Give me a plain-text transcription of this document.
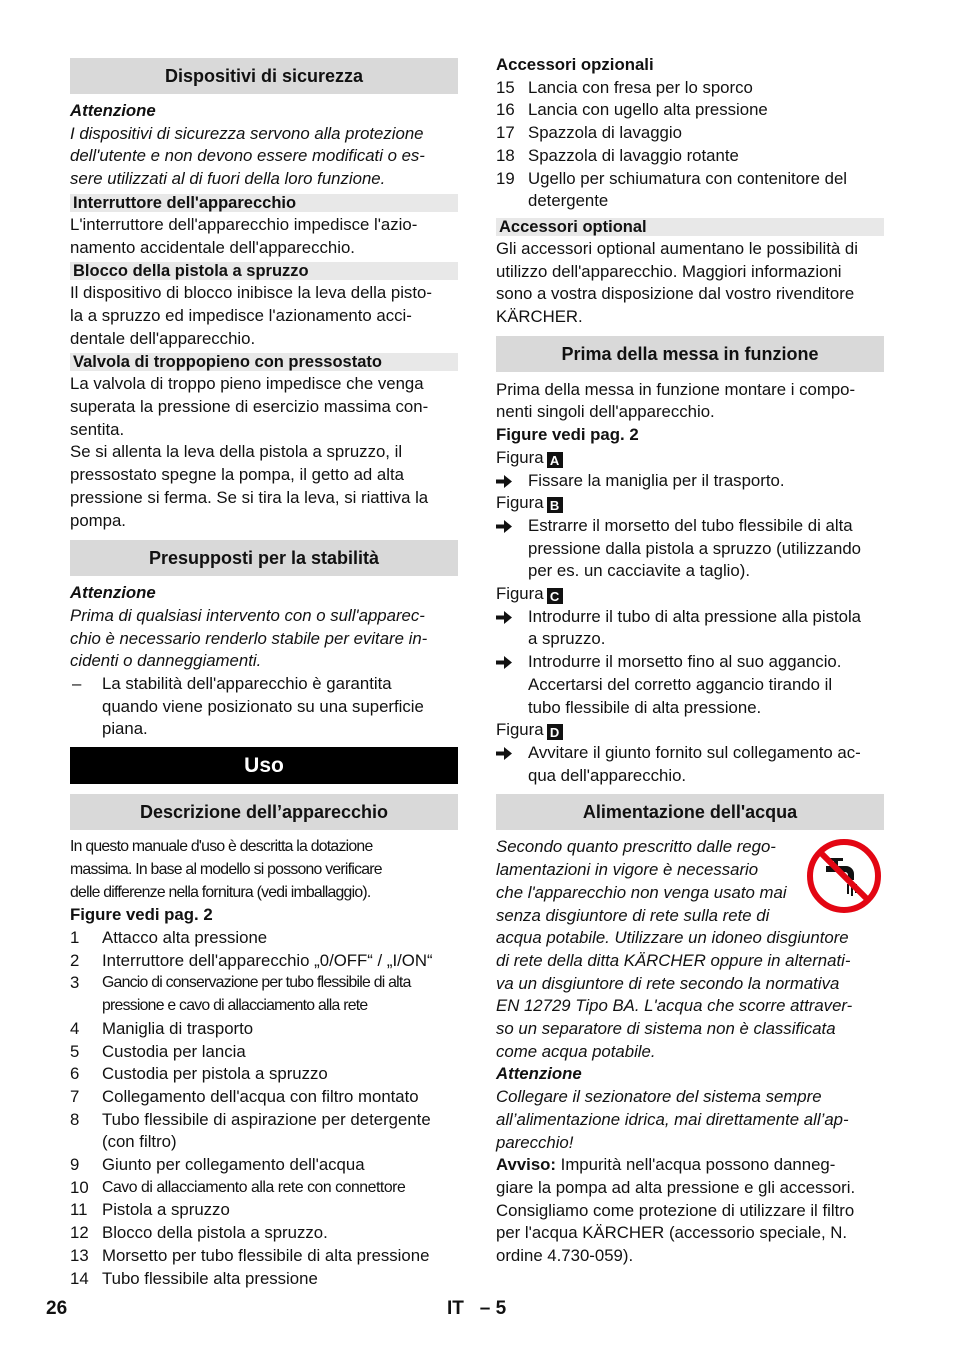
Dispositivi di sicurezza

Attenzione

I dispositivi di sicurezza servono alla protezione
dell'utente e non devono essere modificati o es-
sere utilizzati al di fuori della loro funzione.
Interruttore dell'apparecchio
L'interruttore dell'apparecchio impedisce l'azio-
namento accidentale dell'apparecchio.
Blocco della pistola a spruzzo
Il dispositivo di blocco inibisce la leva della pisto-
la a spruzzo ed impedisce l'azionamento acci-
dentale dell'apparecchio.
Valvola di troppopieno con pressostato
La valvola di troppo pieno impedisce che venga
superata la pressione di esercizio massima con-
sentita.
Se si allenta la leva della pistola a spruzzo, il
pressostato spegne la pompa, il getto ad alta
pressione si ferma. Se si tira la leva, si riattiva la
pompa.
Presupposti per la stabilità

Attenzione

Prima di qualsiasi intervento con o sull'apparec-
chio è necessario renderlo stabile per evitare in-
cidenti o danneggiamenti.
–	La stabilità dell'apparecchio è garantita
quando viene posizionato su una superficie
piana.
Uso
Descrizione dell’apparecchio
In questo manuale d'uso è descritta la dotazione
massima. In base al modello si possono verificare
delle differenze nella fornitura (vedi imballaggio).

Figure vedi pag. 2

1	Attacco alta pressione
2	Interruttore dell'apparecchio „0/OFF“ / „I/ON“
3	Gancio di conservazione per tubo flessibile di alta
pressione e cavo di allacciamento alla rete
4	Maniglia di trasporto
5	Custodia per lancia
6	Custodia per pistola a spruzzo
7	Collegamento dell'acqua con filtro montato
8	Tubo flessibile di aspirazione per detergente
(con filtro)
9	Giunto per collegamento dell'acqua
10 Cavo di allacciamento alla rete con connettore
11 Pistola a spruzzo
12 Blocco della pistola a spruzzo.
13 Morsetto per tubo flessibile di alta pressione
14 Tubo flessibile alta pressione

Accessori opzionali

15 Lancia con fresa per lo sporco
16 Lancia con ugello alta pressione
17 Spazzola di lavaggio
18 Spazzola di lavaggio rotante
19 Ugello per schiumatura con contenitore del
detergente
Accessori optional
Gli accessori optional aumentano le possibilità di
utilizzo dell'apparecchio. Maggiori informazioni
sono a vostra disposizione dal vostro rivenditore
KÄRCHER.
Prima della messa in funzione
Prima della messa in funzione montare i compo-
nenti singoli dell'apparecchio.

Figure vedi pag. 2

Figura A
Fissare la maniglia per il trasporto.
Figura B
Estrarre il morsetto del tubo flessibile di alta
pressione dalla pistola a spruzzo (utilizzando
per es. un cacciavite a taglio).
Figura C
Introdurre il tubo di alta pressione alla pistola
a spruzzo.
Introdurre il morsetto fino al suo aggancio.
Accertarsi del corretto aggancio tirando il
tubo flessibile di alta pressione.
Figura D
Avvitare il giunto fornito sul collegamento ac-
qua dell'apparecchio.
Alimentazione dell'acqua
Secondo quanto prescritto dalle rego-
lamentazioni in vigore è necessario
che l'apparecchio non venga usato mai
senza disgiuntore di rete sulla rete di
acqua potabile. Utilizzare un idoneo disgiuntore
di rete della ditta KÄRCHER oppure in alternati-
va un disgiuntore di rete secondo la normativa
EN 12729 Tipo BA. L'acqua che scorre attraver-
so un separatore di sistema non è classificata
come acqua potabile.

Attenzione

Collegare il sezionatore del sistema sempre
all’alimentazione idrica, mai direttamente all’ap-
parecchio!
Avviso: Impurità nell'acqua possono danneg-
giare la pompa ad alta pressione e gli accessori.
Consigliamo come protezione di utilizzare il filtro
per l'acqua KÄRCHER (accessorio speciale, N.
ordine 4.730-059).
26	IT   – 5
